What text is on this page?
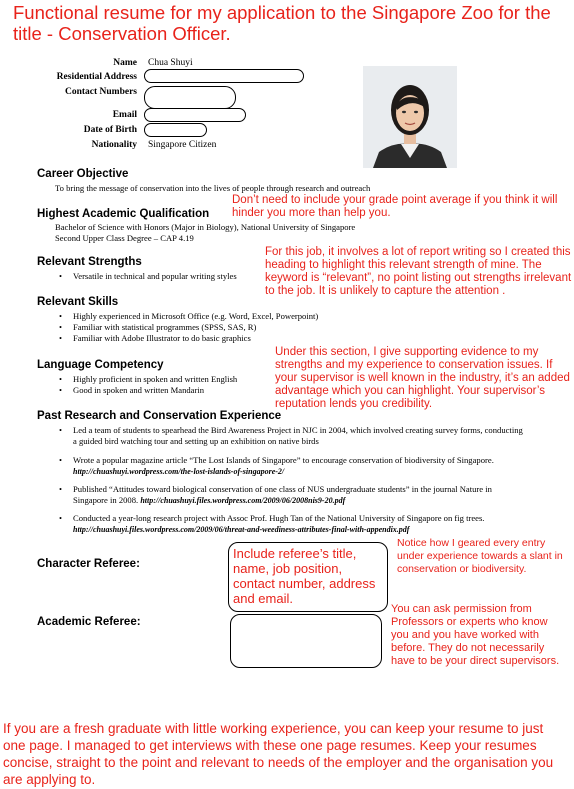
Functional resume for my application to the Singapore Zoo for the title - Conservation Officer.
Name Chua Shuyi
Residential Address
Contact Numbers
Email
Date of Birth
Nationality Singapore Citizen
Career Objective
To bring the message of conservation into the lives of people through research and outreach
Don’t need to include your grade point average if you think it will hinder you more than help you.
Highest Academic Qualification
Bachelor of Science with Honors (Major in Biology), National University of Singapore
Second Upper Class Degree – CAP 4.19
For this job, it involves a lot of report writing so I created this heading to highlight this relevant strength of mine. The keyword is “relevant”, no point listing out strengths irrelevant to the job. It is unlikely to capture the attention .
Relevant Strengths
• Versatile in technical and popular writing styles
Relevant Skills
• Highly experienced in Microsoft Office (e.g. Word, Excel, Powerpoint)
• Familiar with statistical programmes (SPSS, SAS, R)
• Familiar with Adobe Illustrator to do basic graphics
Under this section, I give supporting evidence to my strengths and my experience to conservation issues. If your supervisor is well known in the industry, it’s an added advantage which you can highlight. Your supervisor’s reputation lends you credibility.
Language Competency
• Highly proficient in spoken and written English
• Good in spoken and written Mandarin
Past Research and Conservation Experience
• Led a team of students to spearhead the Bird Awareness Project in NJC in 2004, which involved creating survey forms, conducting a guided bird watching tour and setting up an exhibition on native birds
• Wrote a popular magazine article “The Lost Islands of Singapore” to encourage conservation of biodiversity of Singapore. http://chuashuyi.wordpress.com/the-lost-islands-of-singapore-2/
• Published “Attitudes toward biological conservation of one class of NUS undergraduate students” in the journal Nature in Singapore in 2008. http://chuashuyi.files.wordpress.com/2009/06/2008nis9-20.pdf
• Conducted a year-long research project with Assoc Prof. Hugh Tan of the National University of Singapore on fig trees. http://chuashuyi.files.wordpress.com/2009/06/threat-and-weediness-attributes-final-with-appendix.pdf
Notice how I geared every entry under experience towards a slant in conservation or biodiversity.
Character Referee:
Include referee’s title, name, job position, contact number, address and email.
Academic Referee:
You can ask permission from Professors or experts who know you and you have worked with before. They do not necessarily have to be your direct supervisors.
If you are a fresh graduate with little working experience, you can keep your resume to just one page. I managed to get interviews with these one page resumes. Keep your resumes concise, straight to the point and relevant to needs of the employer and the organisation you are applying to.
